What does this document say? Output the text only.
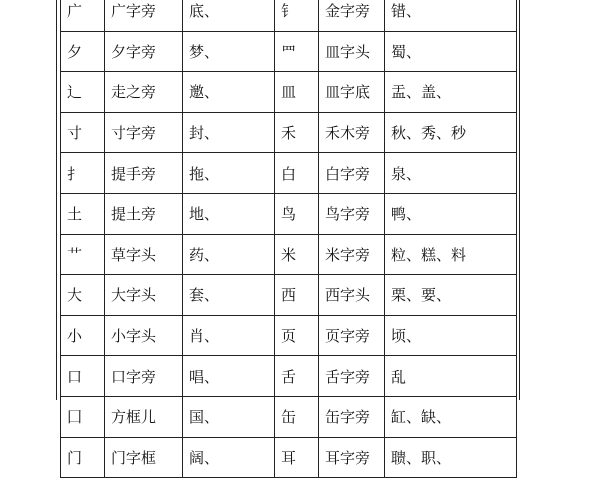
广	广字旁	底、	钅	金字旁	错、
夕	夕字旁	梦、	罒	皿字头	蜀、
辶	走之旁	邀、	皿	皿字底	盂、盖、
寸	寸字旁	封、	禾	禾木旁	秋、秀、秒
扌	提手旁	拖、	白	白字旁	泉、
土	提土旁	地、	鸟	鸟字旁	鸭、
艹	草字头	药、	米	米字旁	粒、糕、料
大	大字头	套、	西	西字头	栗、要、
小	小字头	肖、	页	页字旁	顷、
口	口字旁	唱、	舌	舌字旁	乱
囗	方框儿	国、	缶	缶字旁	缸、缺、
门	门字框	阔、	耳	耳字旁	聩、职、
